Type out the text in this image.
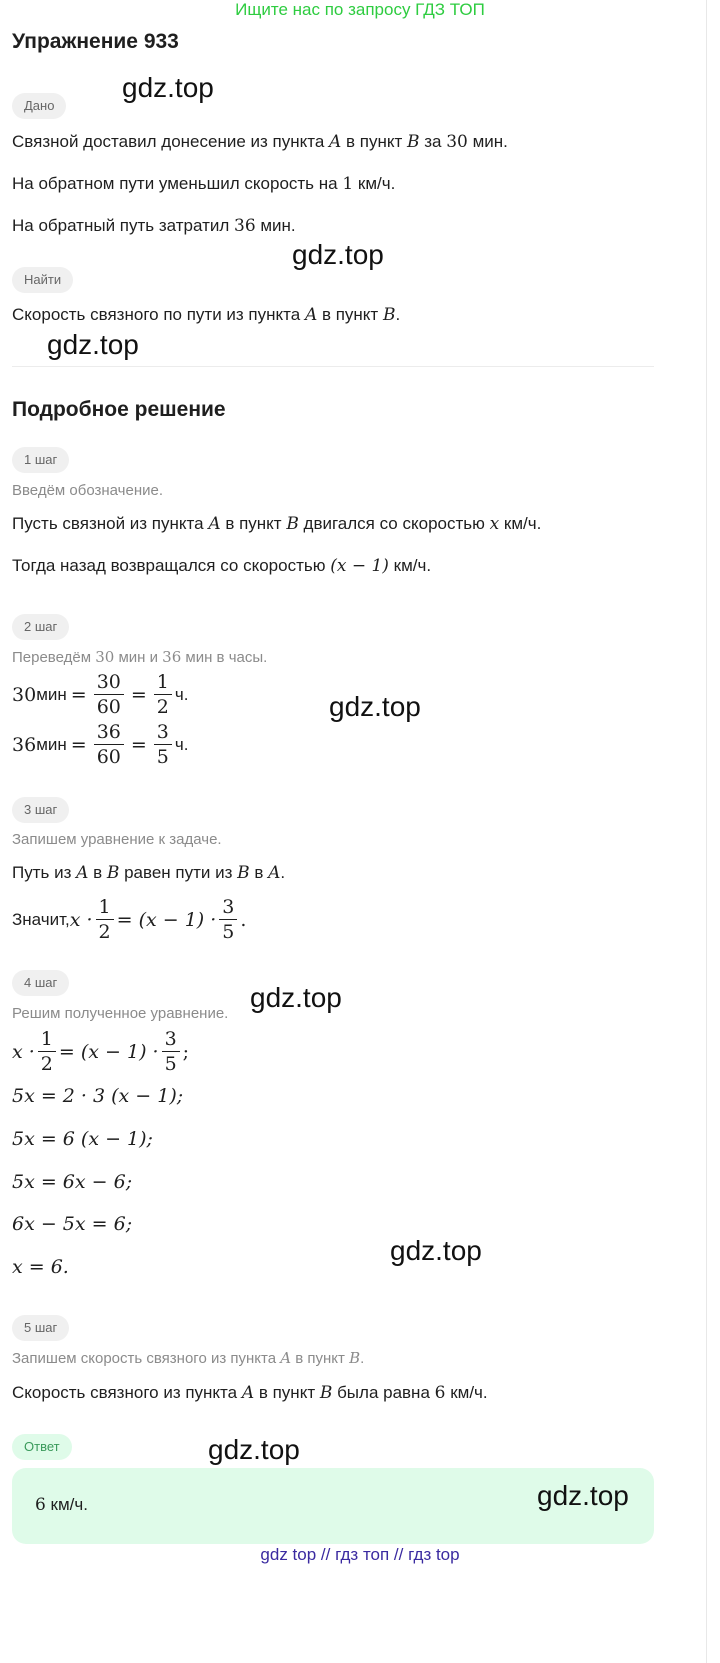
Ищите нас по запросу ГДЗ ТОП
Упражнение 933
Дано
Связной доставил донесение из пункта A в пункт B за 30 мин.
На обратном пути уменьшил скорость на 1 км/ч.
На обратный путь затратил 36 мин.
Найти
Скорость связного по пути из пункта A в пункт B.
Подробное решение
1 шаг
Введём обозначение.
Пусть связной из пункта A в пункт B двигался со скоростью x км/ч.
Тогда назад возвращался со скоростью (x − 1) км/ч.
2 шаг
Переведём 30 мин и 36 мин в часы.
30 мин = $\frac{30}{60} = \frac{1}{2} ч$.
36 мин = $\frac{36}{60} = \frac{3}{5} ч$.
3 шаг
Запишем уравнение к задаче.
Путь из A в B равен пути из B в A.
Значит, $x \cdot \frac{1}{2} = (x - 1) \cdot \frac{3}{5}$ .
4 шаг
Решим полученное уравнение.
$x \cdot \frac{1}{2} = (x - 1) \cdot \frac{3}{5}$ ;
5x = 2 · 3 (x − 1);
5x = 6 (x − 1);
5x = 6x − 6;
6x − 5x = 6;
x = 6.
5 шаг
Запишем скорость связного из пункта A в пункт B.
Скорость связного из пункта A в пункт B была равна 6 км/ч.
Ответ
6 км/ч.
gdz.top
gdz.top
gdz.top
gdz.top
gdz.top
gdz.top
gdz.top
gdz.top
gdz top // гдз топ // гдз top
